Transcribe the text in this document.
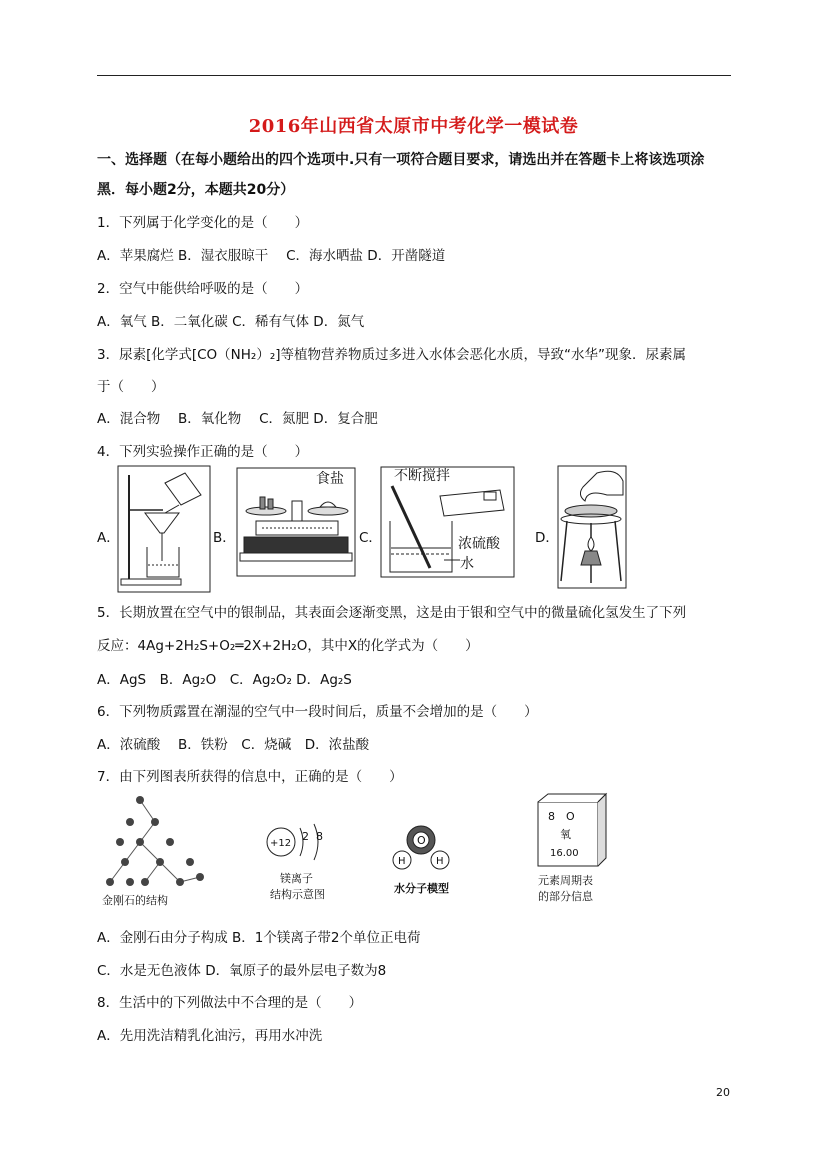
2016年山西省太原市中考化学一模试卷
一、选择题（在每小题给出的四个选项中.只有一项符合题目要求，请选出并在答题卡上将该选项涂
黑．每小题2分，本题共20分）
1．下列属于化学变化的是（　　）
A．苹果腐烂 B．湿衣服晾干　 C．海水晒盐 D．开凿隧道
2．空气中能供给呼吸的是（　　）
A．氧气 B．二氧化碳 C．稀有气体 D．氮气
3．尿素[化学式[CO（NH₂）₂]等植物营养物质过多进入水体会恶化水质，导致“水华”现象．尿素属
于（　　）
A．混合物　 B．氧化物　 C．氮肥 D．复合肥
4．下列实验操作正确的是（　　）
A．	B．	C．	D．
食盐	不断搅拌
浓硫酸
水
5．长期放置在空气中的银制品，其表面会逐渐变黑，这是由于银和空气中的微量硫化氢发生了下列
反应：4Ag+2H₂S+O₂═2X+2H₂O，其中X的化学式为（　　）
A．AgS　B．Ag₂O　C．Ag₂O₂ D．Ag₂S
6．下列物质露置在潮湿的空气中一段时间后，质量不会增加的是（　　）
A．浓硫酸　 B．铁粉　C．烧碱　D．浓盐酸
7．由下列图表所获得的信息中，正确的是（　　）
金刚石的结构
+12
2 8
镁离子
结构示意图
O
H	H
水分子模型
8　O
氧
16.00
元素周期表
的部分信息
A．金刚石由分子构成 B．1个镁离子带2个单位正电荷
C．水是无色液体 D．氧原子的最外层电子数为8
8．生活中的下列做法中不合理的是（　　）
A．先用洗洁精乳化油污，再用水冲洗
20
